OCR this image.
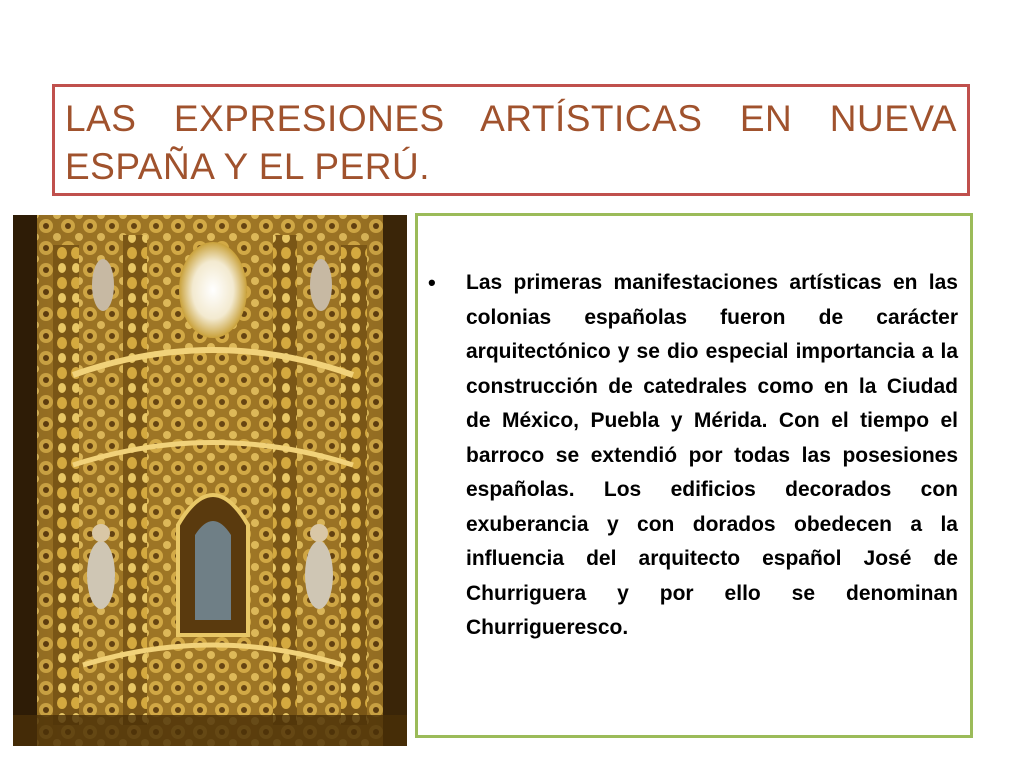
LAS EXPRESIONES ARTÍSTICAS EN NUEVA ESPAÑA Y EL PERÚ.
•	Las primeras manifestaciones artísticas en las colonias españolas fueron de carácter arquitectónico y se dio especial importancia a la construcción de catedrales como en la Ciudad de México, Puebla y Mérida. Con el tiempo el barroco se extendió por todas las posesiones españolas. Los edificios decorados con exuberancia y con dorados obedecen a la influencia del arquitecto español José de Churriguera y por ello se denominan Churrigueresco.
